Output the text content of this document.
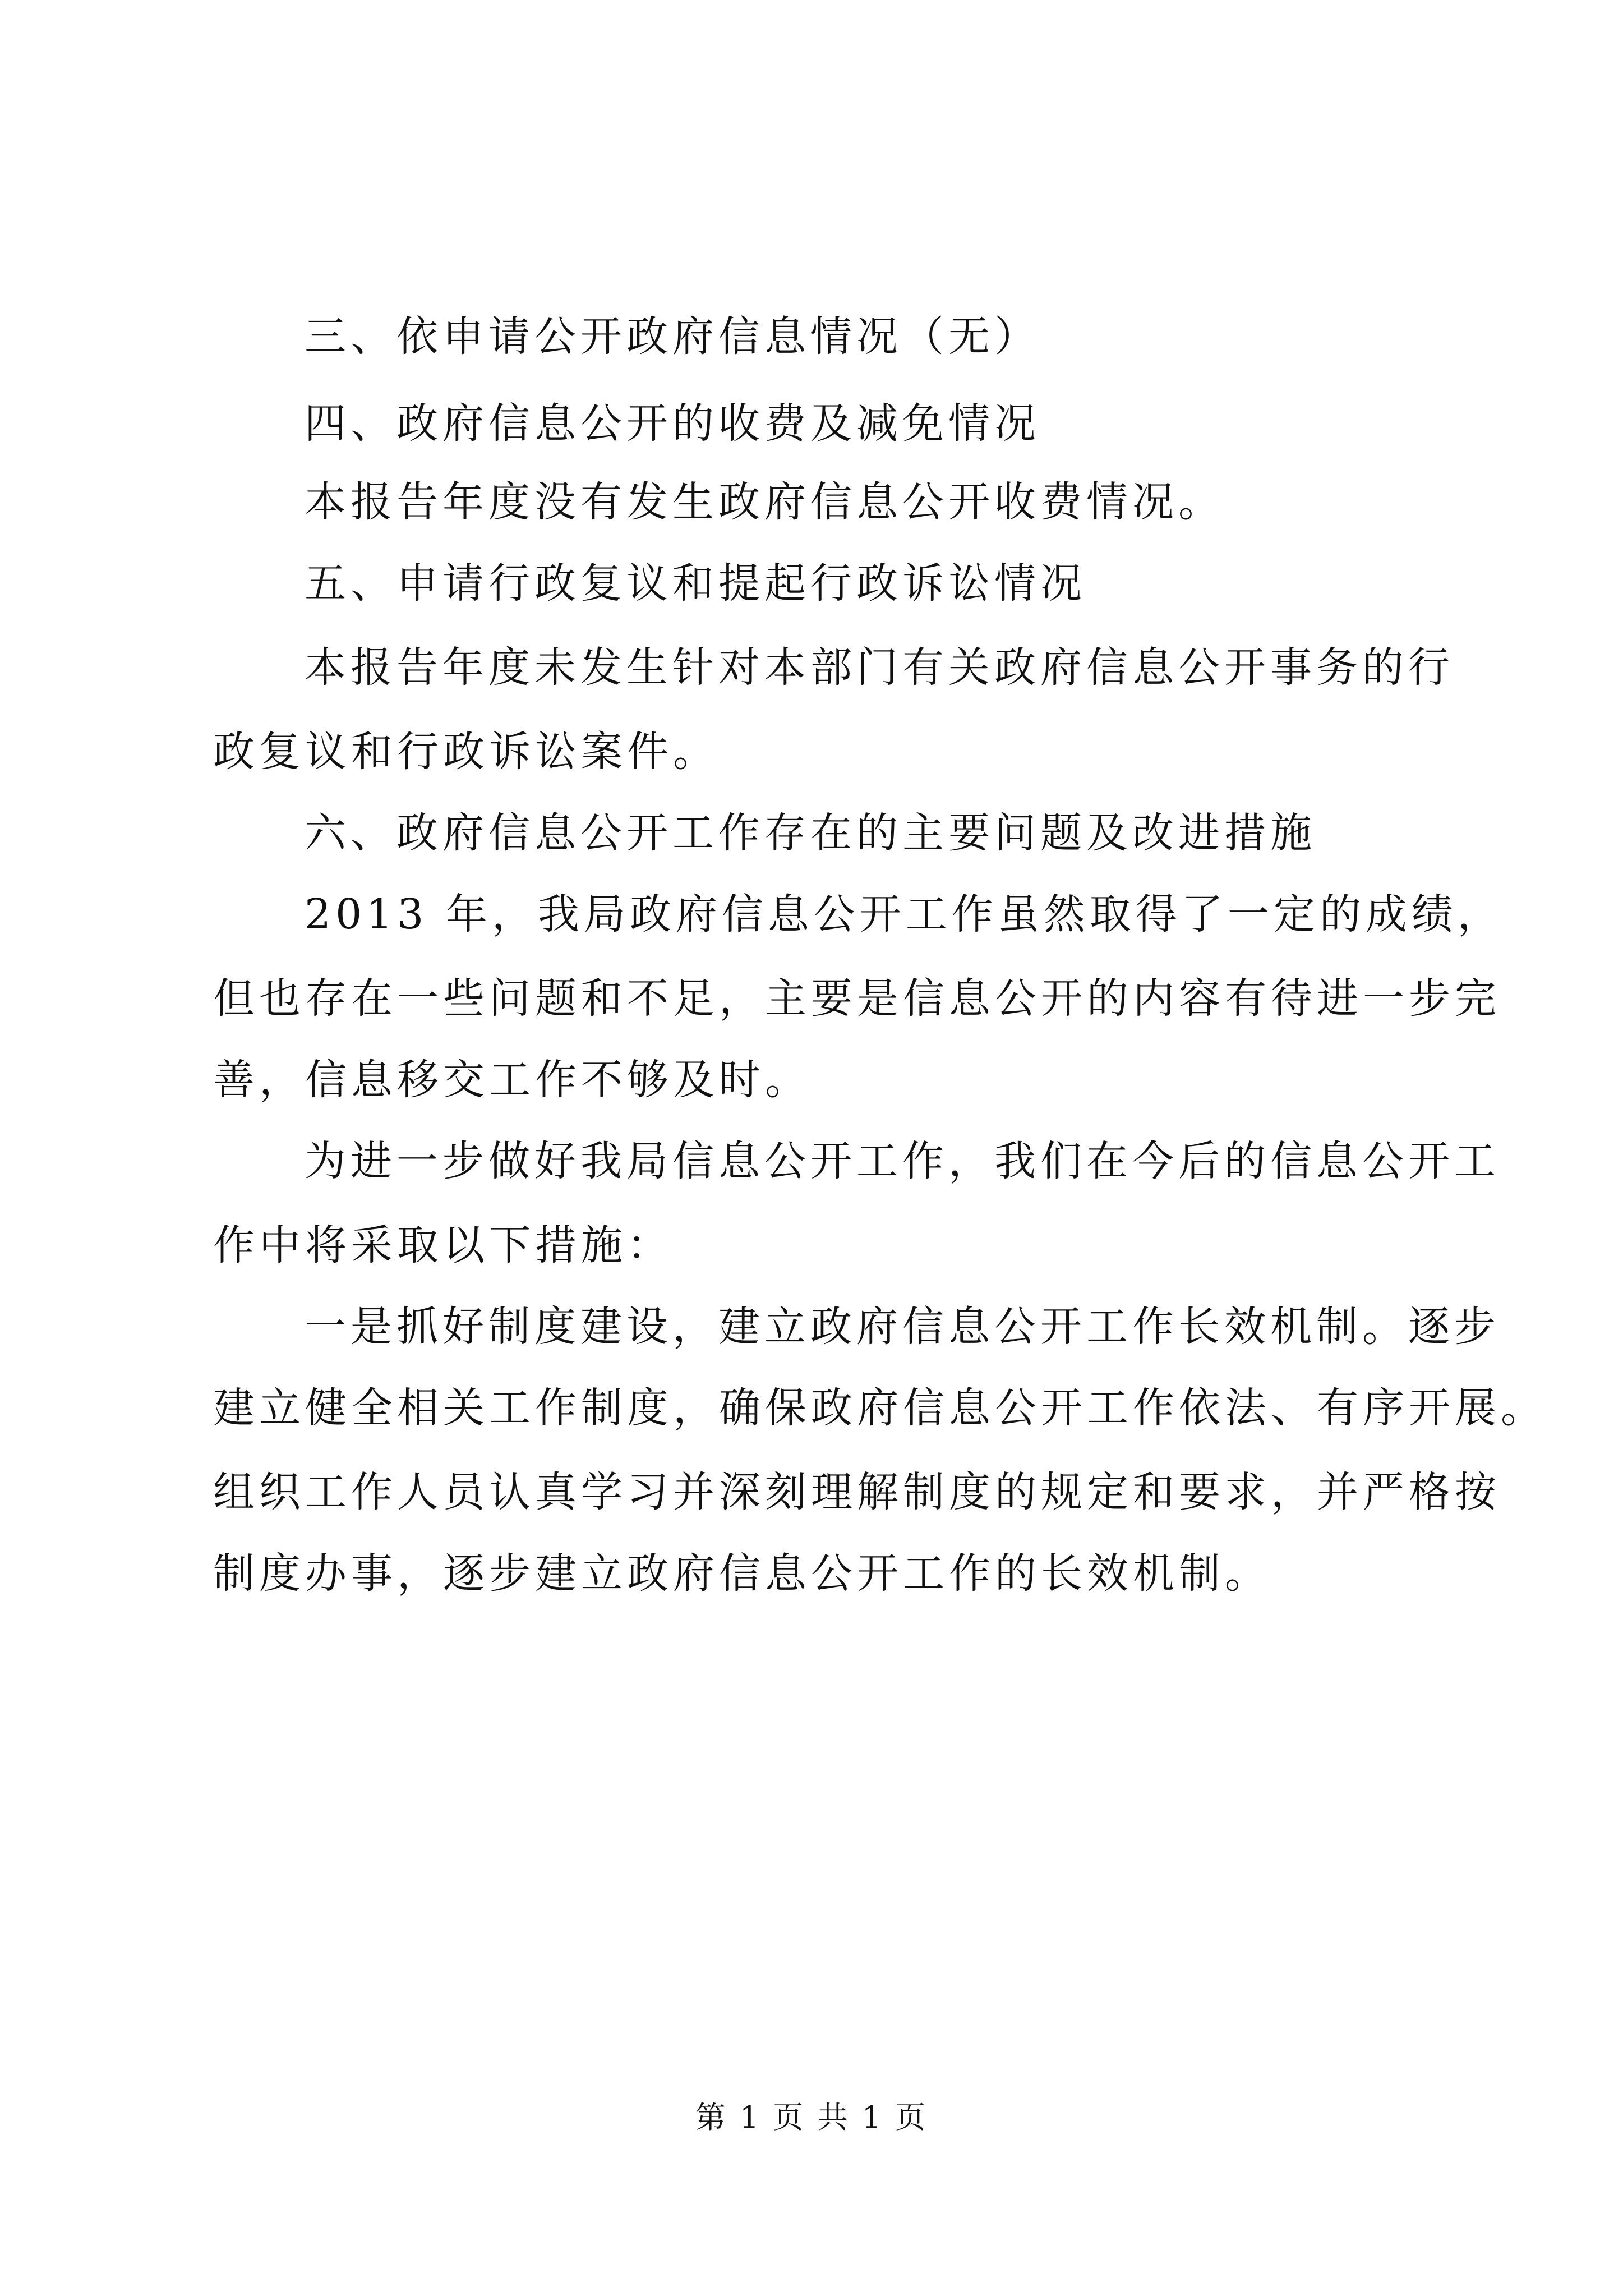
三、依申请公开政府信息情况（无）
四、政府信息公开的收费及减免情况
本报告年度没有发生政府信息公开收费情况。
五、申请行政复议和提起行政诉讼情况
本报告年度未发生针对本部门有关政府信息公开事务的行
政复议和行政诉讼案件。
六、政府信息公开工作存在的主要问题及改进措施
2013 年，我局政府信息公开工作虽然取得了一定的成绩，
但也存在一些问题和不足，主要是信息公开的内容有待进一步完
善，信息移交工作不够及时。
为进一步做好我局信息公开工作，我们在今后的信息公开工
作中将采取以下措施：
一是抓好制度建设，建立政府信息公开工作长效机制。逐步
建立健全相关工作制度，确保政府信息公开工作依法、有序开展。
组织工作人员认真学习并深刻理解制度的规定和要求，并严格按
制度办事，逐步建立政府信息公开工作的长效机制。
第 1 页 共 1 页
